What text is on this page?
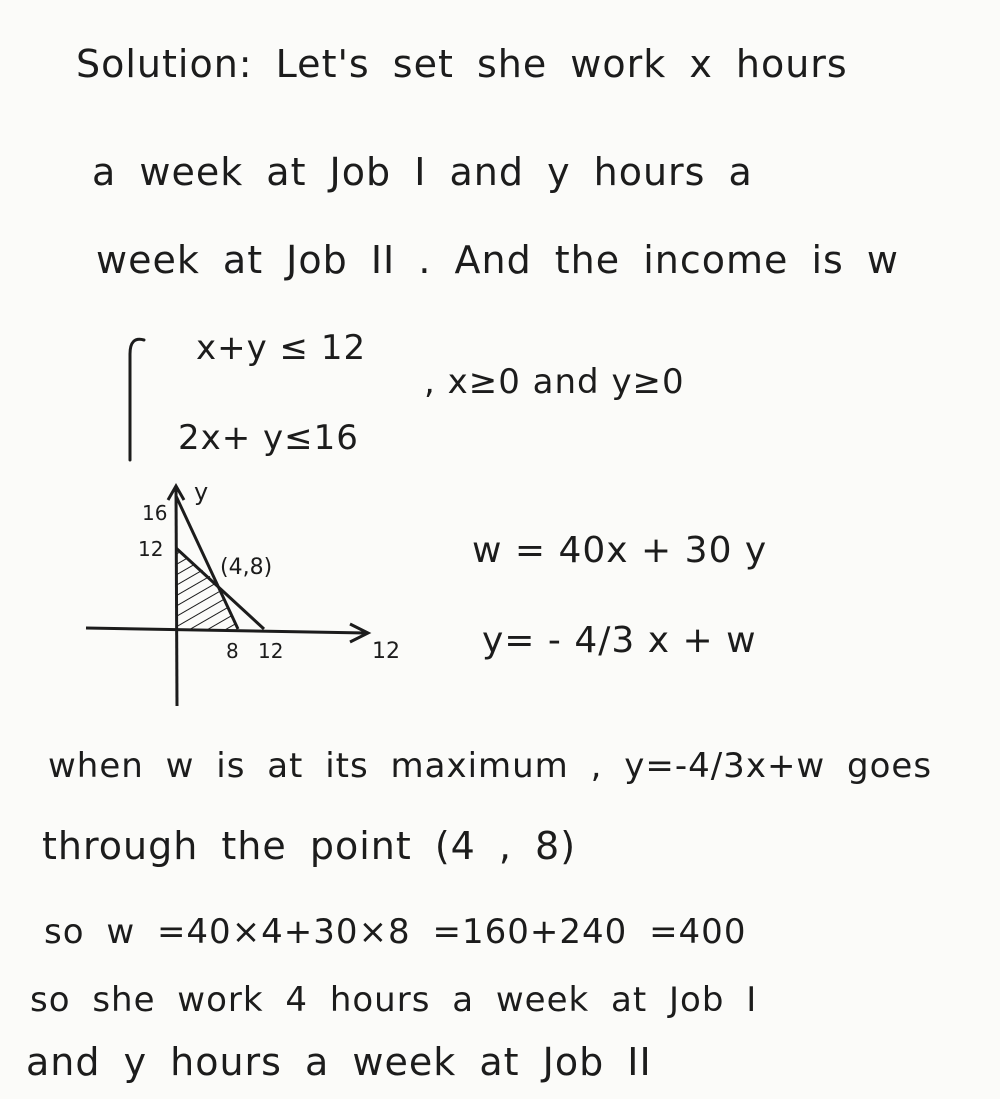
Solution: Let's set she work x hours
a week at Job I and y hours a
week at Job II . And the income is w
x+y ≤ 12
2x+ y≤16
, x≥0 and y≥0
y
16
12
(4,8)
8 12	12
w = 40x + 30 y
y= - 4/3 x + w
when w is at its maximum , y=-4/3x+w goes
through the point (4 , 8)
so w =40×4+30×8 =160+240 =400
so she work 4 hours a week at Job I
and y hours a week at Job II
